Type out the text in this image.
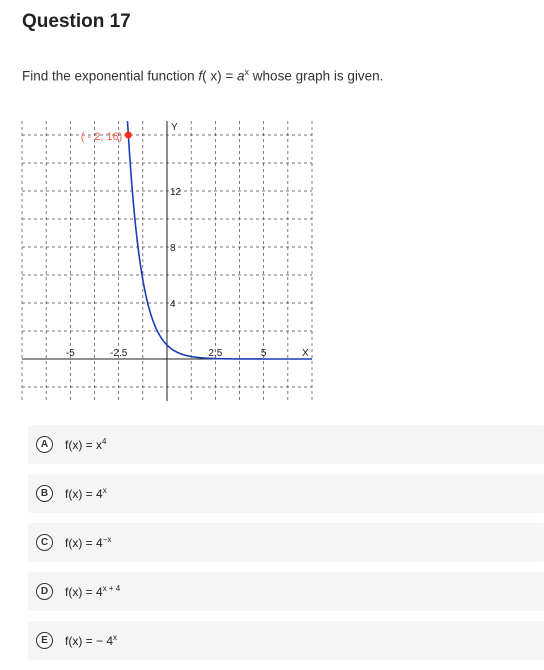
Question 17
Find the exponential function f( $x) = a^x$ whose graph is given.
-5	-2.5	2.5	5
4
8
12
X
Y
( - 2, 16)
A	$f(x) = x^4$
B	$f(x) = 4^x$
C	$f(x) = 4^{-x}$
D	$f(x) = 4^{x + 4}$
E	f(x) = − $4^x$
